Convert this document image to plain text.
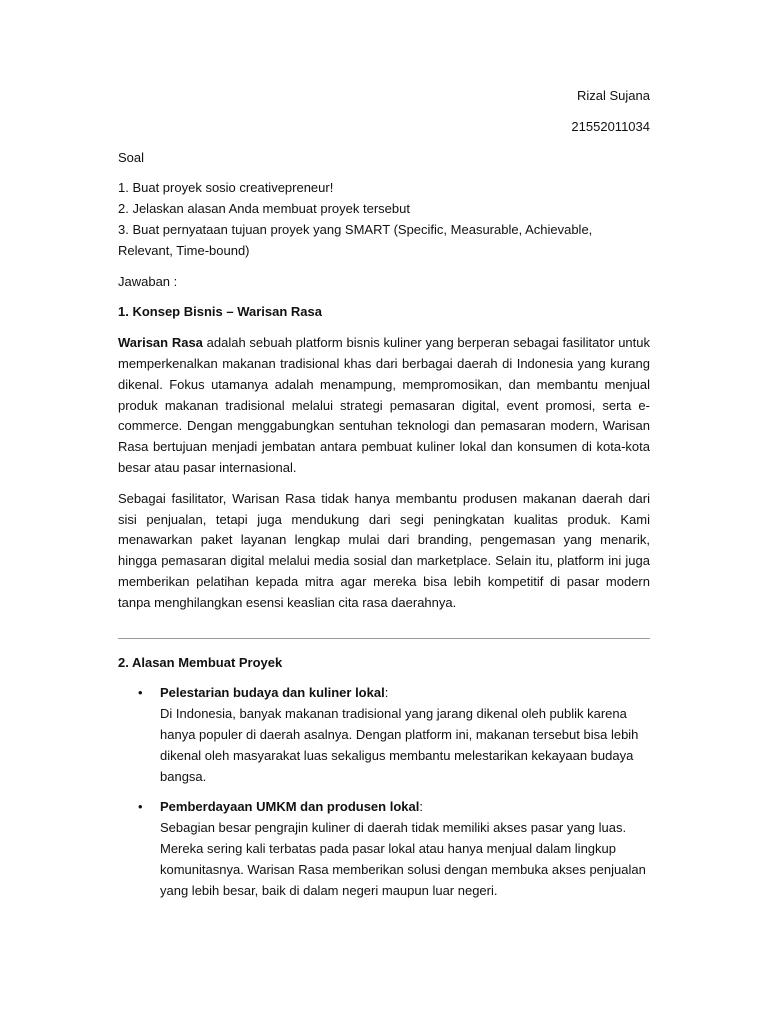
Rizal Sujana

21552011034

Soal

1. Buat proyek sosio creativepreneur!

2. Jelaskan alasan Anda membuat proyek tersebut

3. Buat pernyataan tujuan proyek yang SMART (Specific, Measurable, Achievable, Relevant, Time-bound)

Jawaban :

1. Konsep Bisnis – Warisan Rasa

Warisan Rasa adalah sebuah platform bisnis kuliner yang berperan sebagai fasilitator untuk memperkenalkan makanan tradisional khas dari berbagai daerah di Indonesia yang kurang dikenal. Fokus utamanya adalah menampung, mempromosikan, dan membantu menjual produk makanan tradisional melalui strategi pemasaran digital, event promosi, serta e-commerce. Dengan menggabungkan sentuhan teknologi dan pemasaran modern, Warisan Rasa bertujuan menjadi jembatan antara pembuat kuliner lokal dan konsumen di kota-kota besar atau pasar internasional.

Sebagai fasilitator, Warisan Rasa tidak hanya membantu produsen makanan daerah dari sisi penjualan, tetapi juga mendukung dari segi peningkatan kualitas produk. Kami menawarkan paket layanan lengkap mulai dari branding, pengemasan yang menarik, hingga pemasaran digital melalui media sosial dan marketplace. Selain itu, platform ini juga memberikan pelatihan kepada mitra agar mereka bisa lebih kompetitif di pasar modern tanpa menghilangkan esensi keaslian cita rasa daerahnya.

2. Alasan Membuat Proyek

• Pelestarian budaya dan kuliner lokal:
Di Indonesia, banyak makanan tradisional yang jarang dikenal oleh publik karena hanya populer di daerah asalnya. Dengan platform ini, makanan tersebut bisa lebih dikenal oleh masyarakat luas sekaligus membantu melestarikan kekayaan budaya bangsa.
• Pemberdayaan UMKM dan produsen lokal:
Sebagian besar pengrajin kuliner di daerah tidak memiliki akses pasar yang luas. Mereka sering kali terbatas pada pasar lokal atau hanya menjual dalam lingkup komunitasnya. Warisan Rasa memberikan solusi dengan membuka akses penjualan yang lebih besar, baik di dalam negeri maupun luar negeri.
